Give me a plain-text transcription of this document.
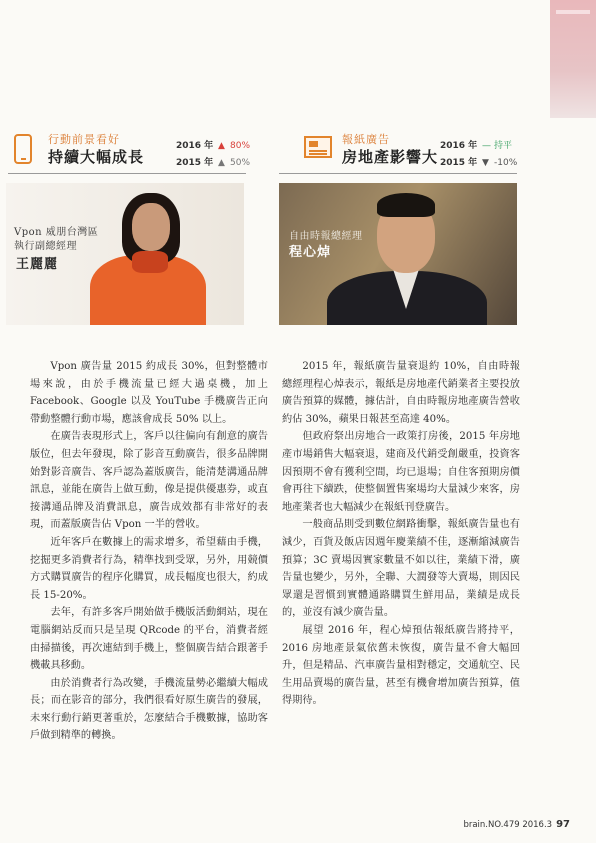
行動前景看好
持續大幅成長
2016 年 ▲ 80%
2015 年 ▲ 50%
報紙廣告
房地產影響大
2016 年 — 持平
2015 年 ▼ -10%
Vpon 威朋台灣區
執行副總經理
王麗麗
自由時報總經理
程心焯

Vpon 廣告量 2015 約成長 30%，但對整體市場來說，由於手機流量已經大過桌機，加上 Facebook、Google 以及 YouTube 手機廣告正向帶動整體行動市場，應該會成長 50% 以上。

在廣告表現形式上，客戶以往偏向有創意的廣告版位，但去年發現，除了影音互動廣告，很多品牌開始對影音廣告、客戶認為蓋版廣告，能清楚溝通品牌訊息，並能在廣告上做互動，像是提供優惠券，或直接溝通品牌及消費訊息，廣告成效都有非常好的表現，而蓋版廣告佔 Vpon 一半的營收。

近年客戶在數據上的需求增多，希望藉由手機，挖掘更多消費者行為，精準找到受眾，另外，用競價方式購買廣告的程序化購買，成長幅度也很大，約成長 15-20%。

去年，有許多客戶開始做手機版活動網站，現在電腦網站反而只是呈現 QRcode 的平台，消費者經由掃描後，再次連結到手機上，整個廣告結合跟著手機載具移動。

由於消費者行為改變，手機流量勢必繼續大幅成長；而在影音的部分，我們很看好原生廣告的發展，未來行動行銷更著重於，怎麼結合手機數據，協助客戶做到精準的轉換。

2015 年，報紙廣告量衰退約 10%，自由時報總經理程心焯表示，報紙是房地產代銷業者主要投放廣告預算的媒體，據估計，自由時報房地產廣告營收約佔 30%，蘋果日報甚至高達 40%。

但政府祭出房地合一政策打房後，2015 年房地產市場銷售大幅衰退，建商及代銷受創嚴重，投資客因預期不會有獲利空間，均已退場；自住客預期房價會再往下續跌，使整個置售案場均大量減少來客，房地產業者也大幅減少在報紙刊登廣告。

一般商品則受到數位網路衝擊，報紙廣告量也有減少，百貨及飯店因週年慶業績不佳，逐漸縮減廣告預算；3C 賣場因實家數量不如以往，業績下滑，廣告量也變少，另外，全聯、大潤發等大賣場，則因民眾還是習慣到實體通路購買生鮮用品，業績是成長的，並沒有減少廣告量。

展望 2016 年，程心焯預估報紙廣告將持平，2016 房地產景氣依舊未恢復，廣告量不會大幅回升，但是精品、汽車廣告量相對穩定，交通航空、民生用品賣場的廣告量，甚至有機會增加廣告預算，值得期待。

brain.NO.479 2016.3 97
